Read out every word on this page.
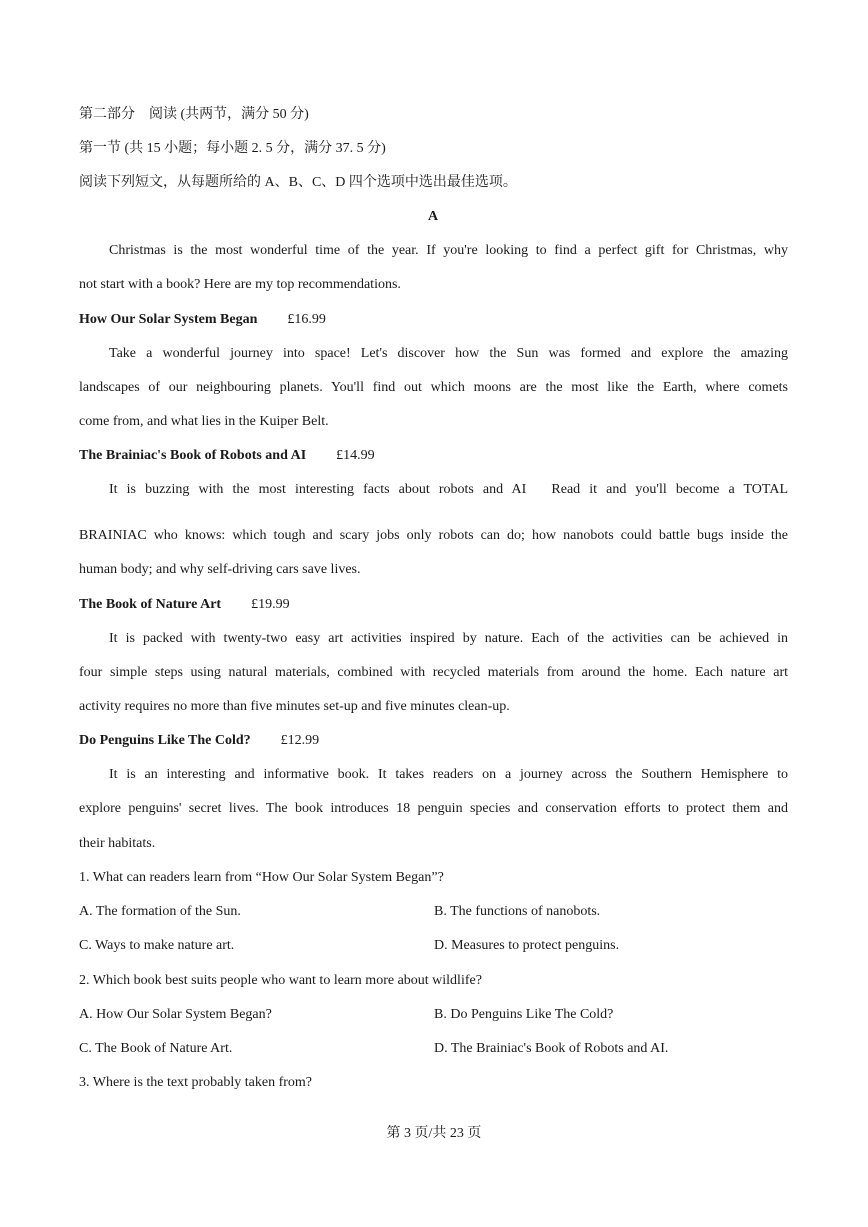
第二部分　阅读 (共两节，满分 50 分)
第一节 (共 15 小题；每小题 2. 5 分，满分 37. 5 分)
阅读下列短文，从每题所给的 A、B、C、D 四个选项中选出最佳选项。
A
Christmas is the most wonderful time of the year. If you're looking to find a perfect gift for Christmas, why
not start with a book? Here are my top recommendations.
How Our Solar System Began £16.99
Take a wonderful journey into space! Let's discover how the Sun was formed and explore the amazing
landscapes of our neighbouring planets. You'll find out which moons are the most like the Earth, where comets
come from, and what lies in the Kuiper Belt.
The Brainiac's Book of Robots and AI £14.99
It is buzzing with the most interesting facts about robots and AI　Read it and you'll become a TOTAL
BRAINIAC who knows: which tough and scary jobs only robots can do; how nanobots could battle bugs inside the
human body; and why self-driving cars save lives.
The Book of Nature Art £19.99
It is packed with twenty-two easy art activities inspired by nature. Each of the activities can be achieved in
four simple steps using natural materials, combined with recycled materials from around the home. Each nature art
activity requires no more than five minutes set-up and five minutes clean-up.
Do Penguins Like The Cold? £12.99
It is an interesting and informative book. It takes readers on a journey across the Southern Hemisphere to
explore penguins' secret lives. The book introduces 18 penguin species and conservation efforts to protect them and
their habitats.
1. What can readers learn from “How Our Solar System Began”?
A. The formation of the Sun.	B. The functions of nanobots.
C. Ways to make nature art.	D. Measures to protect penguins.
2. Which book best suits people who want to learn more about wildlife?
A. How Our Solar System Began?	B. Do Penguins Like The Cold?
C. The Book of Nature Art.	D. The Brainiac's Book of Robots and AI.
3. Where is the text probably taken from?
第 3 页/共 23 页
